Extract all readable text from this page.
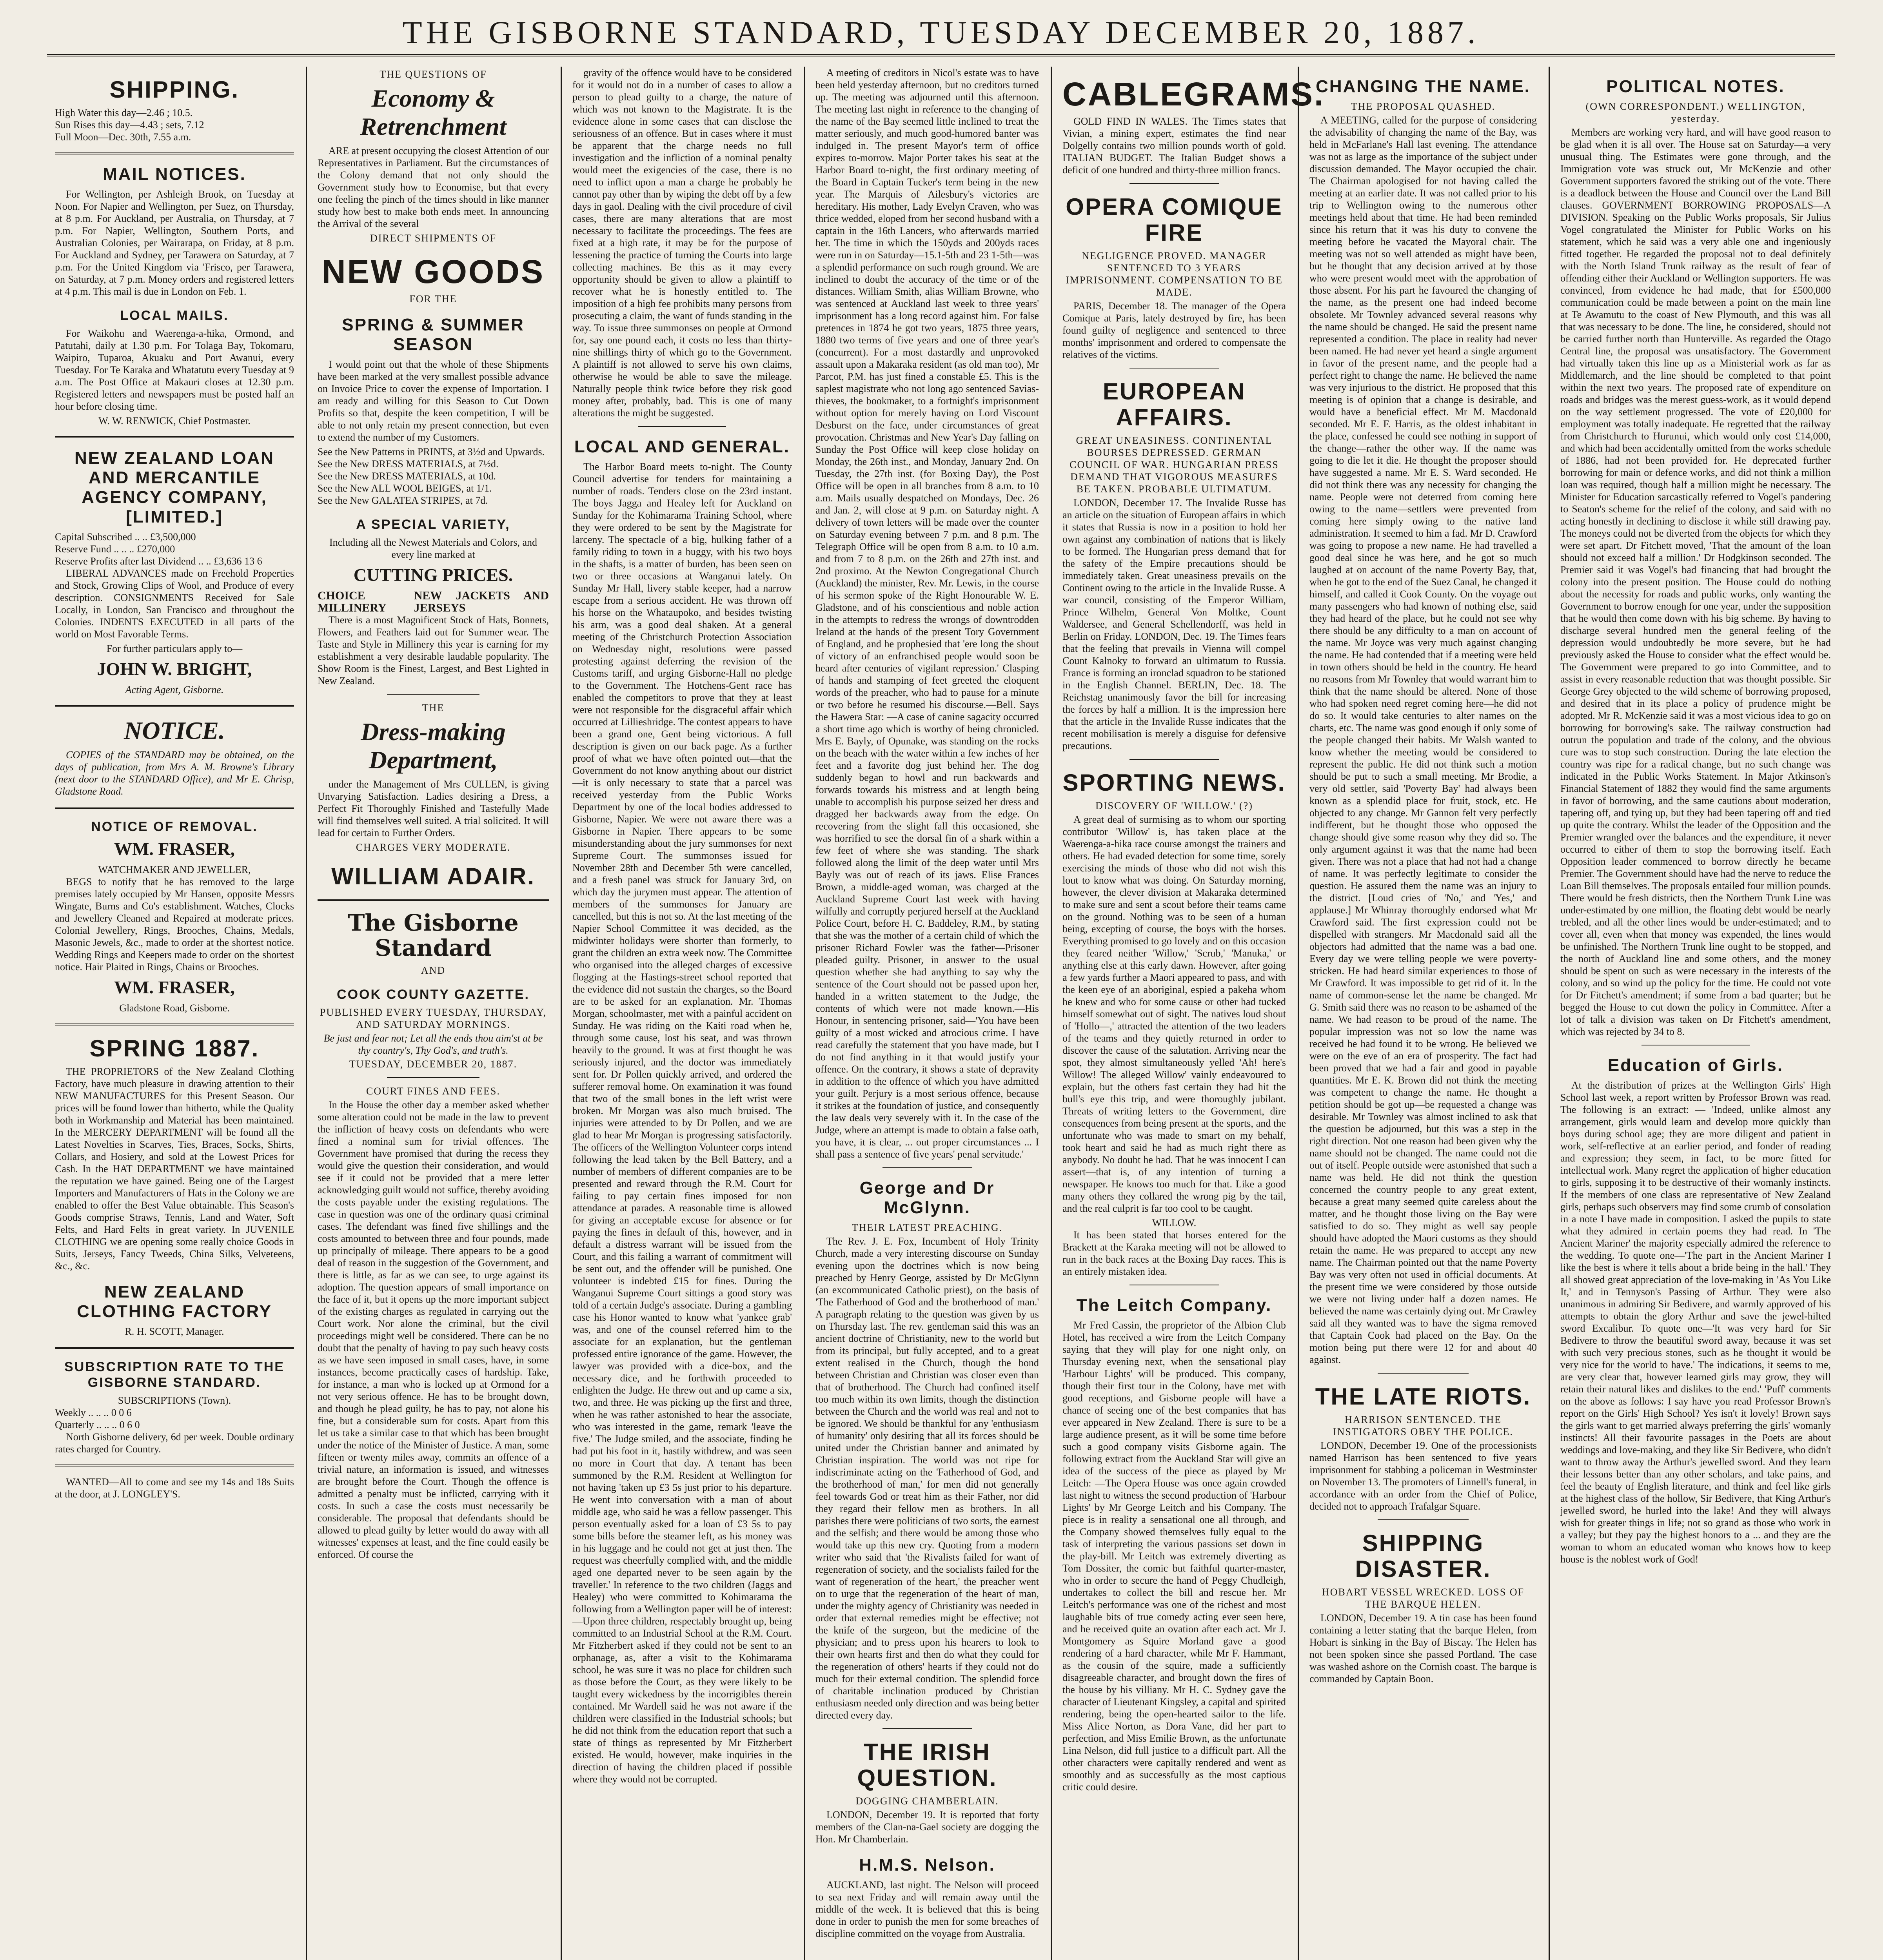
THE GISBORNE STANDARD, TUESDAY DECEMBER 20, 1887.
SHIPPING.
High Water this day—2.46 ; 10.5.
Sun Rises this day—4.43 ; sets, 7.12
Full Moon—Dec. 30th, 7.55 a.m.
MAIL NOTICES.

For Wellington, per Ashleigh Brook, on Tuesday at Noon. For Napier and Wellington, per Suez, on Thursday, at 8 p.m. For Auckland, per Australia, on Thursday, at 7 p.m. For Napier, Wellington, Southern Ports, and Australian Colonies, per Wairarapa, on Friday, at 8 p.m. For Auckland and Sydney, per Tarawera on Saturday, at 7 p.m. For the United Kingdom via 'Frisco, per Tarawera, on Saturday, at 7 p.m. Money orders and registered letters at 4 p.m. This mail is due in London on Feb. 1.

LOCAL MAILS.

For Waikohu and Waerenga-a-hika, Ormond, and Patutahi, daily at 1.30 p.m. For Tolaga Bay, Tokomaru, Waipiro, Tuparoa, Akuaku and Port Awanui, every Tuesday. For Te Karaka and Whatatutu every Tuesday at 9 a.m. The Post Office at Makauri closes at 12.30 p.m. Registered letters and newspapers must be posted half an hour before closing time.

W. W. RENWICK, Chief Postmaster.
NEW ZEALAND LOAN AND MERCANTILE AGENCY COMPANY, [LIMITED.]
Capital Subscribed .. .. £3,500,000
Reserve Fund .. .. .. £270,000
Reserve Profits after last Dividend .. .. £3,636 13 6

LIBERAL ADVANCES made on Freehold Properties and Stock, Growing Clips of Wool, and Produce of every description. CONSIGNMENTS Received for Sale Locally, in London, San Francisco and throughout the Colonies. INDENTS EXECUTED in all parts of the world on Most Favorable Terms.

For further particulars apply to—
JOHN W. BRIGHT,
Acting Agent, Gisborne.
NOTICE.

COPIES of the STANDARD may be obtained, on the days of publication, from Mrs A. M. Browne's Library (next door to the STANDARD Office), and Mr E. Chrisp, Gladstone Road.

NOTICE OF REMOVAL.
WM. FRASER,
WATCHMAKER AND JEWELLER,

BEGS to notify that he has removed to the large premises lately occupied by Mr Hansen, opposite Messrs Wingate, Burns and Co's establishment. Watches, Clocks and Jewellery Cleaned and Repaired at moderate prices. Colonial Jewellery, Rings, Brooches, Chains, Medals, Masonic Jewels, &c., made to order at the shortest notice. Wedding Rings and Keepers made to order on the shortest notice. Hair Plaited in Rings, Chains or Brooches.

WM. FRASER,
Gladstone Road, Gisborne.
SPRING 1887.

THE PROPRIETORS of the New Zealand Clothing Factory, have much pleasure in drawing attention to their NEW MANUFACTURES for this Present Season. Our prices will be found lower than hitherto, while the Quality both in Workmanship and Material has been maintained. In the MERCERY DEPARTMENT will be found all the Latest Novelties in Scarves, Ties, Braces, Socks, Shirts, Collars, and Hosiery, and sold at the Lowest Prices for Cash. In the HAT DEPARTMENT we have maintained the reputation we have gained. Being one of the Largest Importers and Manufacturers of Hats in the Colony we are enabled to offer the Best Value obtainable. This Season's Goods comprise Straws, Tennis, Land and Water, Soft Felts, and Hard Felts in great variety. In JUVENILE CLOTHING we are opening some really choice Goods in Suits, Jerseys, Fancy Tweeds, China Silks, Velveteens, &c., &c.

NEW ZEALAND CLOTHING FACTORY
R. H. SCOTT, Manager.
SUBSCRIPTION RATE TO THE GISBORNE STANDARD.
SUBSCRIPTIONS (Town).
Weekly .. .. .. 0 0 6
Quarterly .. .. .. 0 6 0

North Gisborne delivery, 6d per week. Double ordinary rates charged for Country.

WANTED—All to come and see my 14s and 18s Suits at the door, at J. LONGLEY'S.

THE QUESTIONS OF
Economy & Retrenchment

ARE at present occupying the closest Attention of our Representatives in Parliament. But the circumstances of the Colony demand that not only should the Government study how to Economise, but that every one feeling the pinch of the times should in like manner study how best to make both ends meet. In announcing the Arrival of the several

DIRECT SHIPMENTS OF
NEW GOODS
FOR THE
SPRING & SUMMER SEASON

I would point out that the whole of these Shipments have been marked at the very smallest possible advance on Invoice Price to cover the expense of Importation. I am ready and willing for this Season to Cut Down Profits so that, despite the keen competition, I will be able to not only retain my present connection, but even to extend the number of my Customers.

See the New Patterns in PRINTS, at 3½d and Upwards.
See the New DRESS MATERIALS, at 7½d.
See the New DRESS MATERIALS, at 10d.
See the New ALL WOOL BEIGES, at 1/1.
See the New GALATEA STRIPES, at 7d.
A SPECIAL VARIETY,
Including all the Newest Materials and Colors, and every line marked at
CUTTING PRICES.
CHOICE MILLINERY
NEW JACKETS AND JERSEYS

There is a most Magnificent Stock of Hats, Bonnets, Flowers, and Feathers laid out for Summer wear. The Taste and Style in Millinery this year is earning for my establishment a very desirable laudable popularity. The Show Room is the Finest, Largest, and Best Lighted in New Zealand.

THE
Dress-making Department,

under the Management of Mrs CULLEN, is giving Unvarying Satisfaction. Ladies desiring a Dress, a Perfect Fit Thoroughly Finished and Tastefully Made will find themselves well suited. A trial solicited. It will lead for certain to Further Orders.

CHARGES VERY MODERATE.
WILLIAM ADAIR.
The Gisborne Standard
AND
COOK COUNTY GAZETTE.
PUBLISHED EVERY TUESDAY, THURSDAY, AND SATURDAY MORNINGS.
Be just and fear not; Let all the ends thou aim'st at be thy country's, Thy God's, and truth's.
TUESDAY, DECEMBER 20, 1887.
COURT FINES AND FEES.

In the House the other day a member asked whether some alteration could not be made in the law to prevent the infliction of heavy costs on defendants who were fined a nominal sum for trivial offences. The Government have promised that during the recess they would give the question their consideration, and would see if it could not be provided that a mere letter acknowledging guilt would not suffice, thereby avoiding the costs payable under the existing regulations. The case in question was one of the ordinary quasi criminal cases. The defendant was fined five shillings and the costs amounted to between three and four pounds, made up principally of mileage. There appears to be a good deal of reason in the suggestion of the Government, and there is little, as far as we can see, to urge against its adoption. The question appears of small importance on the face of it, but it opens up the more important subject of the existing charges as regulated in carrying out the Court work. Nor alone the criminal, but the civil proceedings might well be considered. There can be no doubt that the penalty of having to pay such heavy costs as we have seen imposed in small cases, have, in some instances, become practically cases of hardship. Take, for instance, a man who is locked up at Ormond for a not very serious offence. He has to be brought down, and though he plead guilty, he has to pay, not alone his fine, but a considerable sum for costs. Apart from this let us take a similar case to that which has been brought under the notice of the Minister of Justice. A man, some fifteen or twenty miles away, commits an offence of a trivial nature, an information is issued, and witnesses are brought before the Court. Though the offence is admitted a penalty must be inflicted, carrying with it costs. In such a case the costs must necessarily be considerable. The proposal that defendants should be allowed to plead guilty by letter would do away with all witnesses' expenses at least, and the fine could easily be enforced. Of course the

gravity of the offence would have to be considered for it would not do in a number of cases to allow a person to plead guilty to a charge, the nature of which was not known to the Magistrate. It is the evidence alone in some cases that can disclose the seriousness of an offence. But in cases where it must be apparent that the charge needs no full investigation and the infliction of a nominal penalty would meet the exigencies of the case, there is no need to inflict upon a man a charge he probably he cannot pay other than by wiping the debt off by a few days in gaol. Dealing with the civil procedure of civil cases, there are many alterations that are most necessary to facilitate the proceedings. The fees are fixed at a high rate, it may be for the purpose of lessening the practice of turning the Courts into large collecting machines. Be this as it may every opportunity should be given to allow a plaintiff to recover what he is honestly entitled to. The imposition of a high fee prohibits many persons from prosecuting a claim, the want of funds standing in the way. To issue three summonses on people at Ormond for, say one pound each, it costs no less than thirty-nine shillings thirty of which go to the Government. A plaintiff is not allowed to serve his own claims, otherwise he would be able to save the mileage. Naturally people think twice before they risk good money after, probably, bad. This is one of many alterations the might be suggested.

LOCAL AND GENERAL.

The Harbor Board meets to-night. The County Council advertise for tenders for maintaining a number of roads. Tenders close on the 23rd instant. The boys Jagga and Healey left for Auckland on Sunday for the Kohimarama Training School, where they were ordered to be sent by the Magistrate for larceny. The spectacle of a big, hulking father of a family riding to town in a buggy, with his two boys in the shafts, is a matter of burden, has been seen on two or three occasions at Wanganui lately. On Sunday Mr Hall, livery stable keeper, had a narrow escape from a serious accident. He was thrown off his horse on the Whataupoko, and besides twisting his arm, was a good deal shaken. At a general meeting of the Christchurch Protection Association on Wednesday night, resolutions were passed protesting against deferring the revision of the Customs tariff, and urging Gisborne-Hall no pledge to the Government. The Hotchens-Gent race has enabled the competitors to prove that they at least were not responsible for the disgraceful affair which occurred at Lillieshridge. The contest appears to have been a grand one, Gent being victorious. A full description is given on our back page. As a further proof of what we have often pointed out—that the Government do not know anything about our district—it is only necessary to state that a parcel was received yesterday from the Public Works Department by one of the local bodies addressed to Gisborne, Napier. We were not aware there was a Gisborne in Napier. There appears to be some misunderstanding about the jury summonses for next Supreme Court. The summonses issued for November 28th and December 5th were cancelled, and a fresh panel was struck for January 3rd, on which day the jurymen must appear. The attention of members of the summonses for January are cancelled, but this is not so. At the last meeting of the Napier School Committee it was decided, as the midwinter holidays were shorter than formerly, to grant the children an extra week now. The Committee who organised into the alleged charges of excessive flogging at the Hastings-street school reported that the evidence did not sustain the charges, so the Board are to be asked for an explanation. Mr. Thomas Morgan, schoolmaster, met with a painful accident on Sunday. He was riding on the Kaiti road when he, through some cause, lost his seat, and was thrown heavily to the ground. It was at first thought he was seriously injured, and the doctor was immediately sent for. Dr Pollen quickly arrived, and ordered the sufferer removal home. On examination it was found that two of the small bones in the left wrist were broken. Mr Morgan was also much bruised. The injuries were attended to by Dr Pollen, and we are glad to hear Mr Morgan is progressing satisfactorily. The officers of the Wellington Volunteer corps intend following the lead taken by the Bell Battery, and a number of members of different companies are to be presented and reward through the R.M. Court for failing to pay certain fines imposed for non attendance at parades. A reasonable time is allowed for giving an acceptable excuse for absence or for paying the fines in default of this, however, and in default a distress warrant will be issued from the Court, and this failing a warrant of commitment will be sent out, and the offender will be punished. One volunteer is indebted £15 for fines. During the Wanganui Supreme Court sittings a good story was told of a certain Judge's associate. During a gambling case his Honor wanted to know what 'yankee grab' was, and one of the counsel referred him to the associate for an explanation, but the gentleman professed entire ignorance of the game. However, the lawyer was provided with a dice-box, and the necessary dice, and he forthwith proceeded to enlighten the Judge. He threw out and up came a six, two, and three. He was picking up the first and three, when he was rather astonished to hear the associate, who was interested in the game, remark 'leave the five.' The Judge smiled, and the associate, finding he had put his foot in it, hastily withdrew, and was seen no more in Court that day. A tenant has been summoned by the R.M. Resident at Wellington for not having 'taken up £3 5s just prior to his departure. He went into conversation with a man of about middle age, who said he was a fellow passenger. This person eventually asked for a loan of £3 5s to pay some bills before the steamer left, as his money was in his luggage and he could not get at just then. The request was cheerfully complied with, and the middle aged one departed never to be seen again by the traveller.' In reference to the two children (Jaggs and Healey) who were committed to Kohimarama the following from a Wellington paper will be of interest: —Upon three children, respectably brought up, being committed to an Industrial School at the R.M. Court. Mr Fitzherbert asked if they could not be sent to an orphanage, as, after a visit to the Kohimarama school, he was sure it was no place for children such as those before the Court, as they were likely to be taught every wickedness by the incorrigibles therein contained. Mr Wardell said he was not aware if the children were classified in the Industrial schools; but he did not think from the education report that such a state of things as represented by Mr Fitzherbert existed. He would, however, make inquiries in the direction of having the children placed if possible where they would not be corrupted.

A meeting of creditors in Nicol's estate was to have been held yesterday afternoon, but no creditors turned up. The meeting was adjourned until this afternoon. The meeting last night in reference to the changing of the name of the Bay seemed little inclined to treat the matter seriously, and much good-humored banter was indulged in. The present Mayor's term of office expires to-morrow. Major Porter takes his seat at the Harbor Board to-night, the first ordinary meeting of the Board in Captain Tucker's term being in the new year. The Marquis of Ailesbury's victories are hereditary. His mother, Lady Evelyn Craven, who was thrice wedded, eloped from her second husband with a captain in the 16th Lancers, who afterwards married her. The time in which the 150yds and 200yds races were run in on Saturday—15.1-5th and 23 1-5th—was a splendid performance on such rough ground. We are inclined to doubt the accuracy of the time or of the distances. William Smith, alias William Browne, who was sentenced at Auckland last week to three years' imprisonment has a long record against him. For false pretences in 1874 he got two years, 1875 three years, 1880 two terms of five years and one of three year's (concurrent). For a most dastardly and unprovoked assault upon a Makaraka resident (as old man too), Mr Parcot, P.M. has just fined a constable £5. This is the saplest magistrate who not long ago sentenced Savias-thieves, the bookmaker, to a fortnight's imprisonment without option for merely having on Lord Viscount Desburst on the face, under circumstances of great provocation. Christmas and New Year's Day falling on Sunday the Post Office will keep close holiday on Monday, the 26th inst., and Monday, January 2nd. On Tuesday, the 27th inst. (for Boxing Day), the Post Office will be open in all branches from 8 a.m. to 10 a.m. Mails usually despatched on Mondays, Dec. 26 and Jan. 2, will close at 9 p.m. on Saturday night. A delivery of town letters will be made over the counter on Saturday evening between 7 p.m. and 8 p.m. The Telegraph Office will be open from 8 a.m. to 10 a.m. and from 7 to 8 p.m. on the 26th and 27th inst. and 2nd proximo. At the Newton Congregational Church (Auckland) the minister, Rev. Mr. Lewis, in the course of his sermon spoke of the Right Honourable W. E. Gladstone, and of his conscientious and noble action in the attempts to redress the wrongs of downtrodden Ireland at the hands of the present Tory Government of England, and he prophesied that 'ere long the shout of victory of an enfranchised people would soon be heard after centuries of vigilant repression.' Clasping of hands and stamping of feet greeted the eloquent words of the preacher, who had to pause for a minute or two before he resumed his discourse.—Bell. Says the Hawera Star: —A case of canine sagacity occurred a short time ago which is worthy of being chronicled. Mrs E. Bayly, of Opunake, was standing on the rocks on the beach with the water within a few inches of her feet and a favorite dog just behind her. The dog suddenly began to howl and run backwards and forwards towards his mistress and at length being unable to accomplish his purpose seized her dress and dragged her backwards away from the edge. On recovering from the slight fall this occasioned, she was horrified to see the dorsal fin of a shark within a few feet of where she was standing. The shark followed along the limit of the deep water until Mrs Bayly was out of reach of its jaws. Elise Frances Brown, a middle-aged woman, was charged at the Auckland Supreme Court last week with having wilfully and corruptly perjured herself at the Auckland Police Court, before H. C. Baddeley, R.M., by stating that she was the mother of a certain child of which the prisoner Richard Fowler was the father—Prisoner pleaded guilty. Prisoner, in answer to the usual question whether she had anything to say why the sentence of the Court should not be passed upon her, handed in a written statement to the Judge, the contents of which were not made known.—His Honour, in sentencing prisoner, said—'You have been guilty of a most wicked and atrocious crime. I have read carefully the statement that you have made, but I do not find anything in it that would justify your offence. On the contrary, it shows a state of depravity in addition to the offence of which you have admitted your guilt. Perjury is a most serious offence, because it strikes at the foundation of justice, and consequently the law deals very severely with it. In the case of the Judge, where an attempt is made to obtain a false oath, you have, it is clear, ... out proper circumstances ... I shall pass a sentence of five years' penal servitude.'

George and Dr McGlynn.
THEIR LATEST PREACHING.

The Rev. J. E. Fox, Incumbent of Holy Trinity Church, made a very interesting discourse on Sunday evening upon the doctrines which is now being preached by Henry George, assisted by Dr McGlynn (an excommunicated Catholic priest), on the basis of 'The Fatherhood of God and the brotherhood of man.' A paragraph relating to the question was given by us on Thursday last. The rev. gentleman said this was an ancient doctrine of Christianity, new to the world but from its principal, but fully accepted, and to a great extent realised in the Church, though the bond between Christian and Christian was closer even than that of brotherhood. The Church had confined itself too much within its own limits, though the distinction between the Church and the world was real and not to be ignored. We should be thankful for any 'enthusiasm of humanity' only desiring that all its forces should be united under the Christian banner and animated by Christian inspiration. The world was not ripe for indiscriminate acting on the 'Fatherhood of God, and the brotherhood of man,' for men did not generally feel towards God or treat him as their Father, nor did they regard their fellow men as brothers. In all parishes there were politicians of two sorts, the earnest and the selfish; and there would be among those who would take up this new cry. Quoting from a modern writer who said that 'the Rivalists failed for want of regeneration of society, and the socialists failed for the want of regeneration of the heart,' the preacher went on to urge that the regeneration of the heart of man, under the mighty agency of Christianity was needed in order that external remedies might be effective; not the knife of the surgeon, but the medicine of the physician; and to press upon his hearers to look to their own hearts first and then do what they could for the regeneration of others' hearts if they could not do much for their external condition. The splendid force of charitable inclination produced by Christian enthusiasm needed only direction and was being better directed every day.

THE IRISH QUESTION.
DOGGING CHAMBERLAIN.

LONDON, December 19. It is reported that forty members of the Clan-na-Gael society are dogging the Hon. Mr Chamberlain.

H.M.S. Nelson.

AUCKLAND, last night. The Nelson will proceed to sea next Friday and will remain away until the middle of the week. It is believed that this is being done in order to punish the men for some breaches of discipline committed on the voyage from Australia.

CABLEGRAMS.

GOLD FIND IN WALES. The Times states that Vivian, a mining expert, estimates the find near Dolgelly contains two million pounds worth of gold. ITALIAN BUDGET. The Italian Budget shows a deficit of one hundred and thirty-three million francs.

OPERA COMIQUE FIRE
NEGLIGENCE PROVED. MANAGER SENTENCED TO 3 YEARS IMPRISONMENT. COMPENSATION TO BE MADE.

PARIS, December 18. The manager of the Opera Comique at Paris, lately destroyed by fire, has been found guilty of negligence and sentenced to three months' imprisonment and ordered to compensate the relatives of the victims.

EUROPEAN AFFAIRS.
GREAT UNEASINESS. CONTINENTAL BOURSES DEPRESSED. GERMAN COUNCIL OF WAR. HUNGARIAN PRESS DEMAND THAT VIGOROUS MEASURES BE TAKEN. PROBABLE ULTIMATUM.

LONDON, December 17. The Invalide Russe has an article on the situation of European affairs in which it states that Russia is now in a position to hold her own against any combination of nations that is likely to be formed. The Hungarian press demand that for the safety of the Empire precautions should be immediately taken. Great uneasiness prevails on the Continent owing to the article in the Invalide Russe. A war council, consisting of the Emperor William, Prince Wilhelm, General Von Moltke, Count Waldersee, and General Schellendorff, was held in Berlin on Friday. LONDON, Dec. 19. The Times fears that the feeling that prevails in Vienna will compel Count Kalnoky to forward an ultimatum to Russia. France is forming an ironclad squadron to be stationed in the English Channel. BERLIN, Dec. 18. The Reichstag unanimously favor the bill for increasing the forces by half a million. It is the impression here that the article in the Invalide Russe indicates that the recent mobilisation is merely a disguise for defensive precautions.

SPORTING NEWS.
DISCOVERY OF 'WILLOW.' (?)

A great deal of surmising as to whom our sporting contributor 'Willow' is, has taken place at the Waerenga-a-hika race course amongst the trainers and others. He had evaded detection for some time, sorely exercising the minds of those who did not wish this lout to know what was doing. On Saturday morning, however, the clever division at Makaraka determined to make sure and sent a scout before their teams came on the ground. Nothing was to be seen of a human being, excepting of course, the boys with the horses. Everything promised to go lovely and on this occasion they feared neither 'Willow,' 'Scrub,' 'Manuka,' or anything else at this early dawn. However, after going a few yards further a Maori appeared to pass, and with the keen eye of an aboriginal, espied a pakeha whom he knew and who for some cause or other had tucked himself somewhat out of sight. The natives loud shout of 'Hollo—,' attracted the attention of the two leaders of the teams and they quietly returned in order to discover the cause of the salutation. Arriving near the spot, they almost simultaneously yelled 'Ah! here's Willow! The alleged Willow' vainly endeavoured to explain, but the others fast certain they had hit the bull's eye this trip, and were thoroughly jubilant. Threats of writing letters to the Government, dire consequences from being present at the sports, and the unfortunate who was made to smart on my behalf, took heart and said he had as much right there as anybody. No doubt he had. That he was innocent I can assert—that is, of any intention of turning a newspaper. He knows too much for that. Like a good many others they collared the wrong pig by the tail, and the real culprit is far too cool to be caught.

WILLOW.

It has been stated that horses entered for the Brackett at the Karaka meeting will not be allowed to run in the back races at the Boxing Day races. This is an entirely mistaken idea.

The Leitch Company.

Mr Fred Cassin, the proprietor of the Albion Club Hotel, has received a wire from the Leitch Company saying that they will play for one night only, on Thursday evening next, when the sensational play 'Harbour Lights' will be produced. This company, though their first tour in the Colony, have met with good receptions, and Gisborne people will have a chance of seeing one of the best companies that has ever appeared in New Zealand. There is sure to be a large audience present, as it will be some time before such a good company visits Gisborne again. The following extract from the Auckland Star will give an idea of the success of the piece as played by Mr Leitch: —The Opera House was once again crowded last night to witness the second production of 'Harbour Lights' by Mr George Leitch and his Company. The piece is in reality a sensational one all through, and the Company showed themselves fully equal to the task of interpreting the various passions set down in the play-bill. Mr Leitch was extremely diverting as Tom Dossiter, the comic but faithful quarter-master, who in order to secure the hand of Peggy Chudleigh, undertakes to collect the bill and rescue her. Mr Leitch's performance was one of the richest and most laughable bits of true comedy acting ever seen here, and he received quite an ovation after each act. Mr J. Montgomery as Squire Morland gave a good rendering of a hard character, while Mr F. Hammant, as the cousin of the squire, made a sufficiently disagreeable character, and brought down the fires of the house by his villiany. Mr H. C. Sydney gave the character of Lieutenant Kingsley, a capital and spirited rendering, being the open-hearted sailor to the life. Miss Alice Norton, as Dora Vane, did her part to perfection, and Miss Emilie Brown, as the unfortunate Lina Nelson, did full justice to a difficult part. All the other characters were capitally rendered and went as smoothly and as successfully as the most captious critic could desire.

CHANGING THE NAME.
THE PROPOSAL QUASHED.

A MEETING, called for the purpose of considering the advisability of changing the name of the Bay, was held in McFarlane's Hall last evening. The attendance was not as large as the importance of the subject under discussion demanded. The Mayor occupied the chair. The Chairman apologised for not having called the meeting at an earlier date. It was not called prior to his trip to Wellington owing to the numerous other meetings held about that time. He had been reminded since his return that it was his duty to convene the meeting before he vacated the Mayoral chair. The meeting was not so well attended as might have been, but he thought that any decision arrived at by those who were present would meet with the approbation of those absent. For his part he favoured the changing of the name, as the present one had indeed become obsolete. Mr Townley advanced several reasons why the name should be changed. He said the present name represented a condition. The place in reality had never been named. He had never yet heard a single argument in favor of the present name, and the people had a perfect right to change the name. He believed the name was very injurious to the district. He proposed that this meeting is of opinion that a change is desirable, and would have a beneficial effect. Mr M. Macdonald seconded. Mr E. F. Harris, as the oldest inhabitant in the place, confessed he could see nothing in support of the change—rather the other way. If the name was going to die let it die. He thought the proposer should have suggested a name. Mr E. S. Ward seconded. He did not think there was any necessity for changing the name. People were not deterred from coming here owing to the name—settlers were prevented from coming here simply owing to the native land administration. It seemed to him a fad. Mr D. Crawford was going to propose a new name. He had travelled a good deal since he was here, and he got so much laughed at on account of the name Poverty Bay, that, when he got to the end of the Suez Canal, he changed it himself, and called it Cook County. On the voyage out many passengers who had known of nothing else, said they had heard of the place, but he could not see why there should be any difficulty to a man on account of the name. Mr Joyce was very much against changing the name. He had contended that if a meeting were held in town others should be held in the country. He heard no reasons from Mr Townley that would warrant him to think that the name should be altered. None of those who had spoken need regret coming here—he did not do so. It would take centuries to alter names on the charts, etc. The name was good enough if only some of the people changed their habits. Mr Walsh wanted to know whether the meeting would be considered to represent the public. He did not think such a motion should be put to such a small meeting. Mr Brodie, a very old settler, said 'Poverty Bay' had always been known as a splendid place for fruit, stock, etc. He objected to any change. Mr Gannon felt very perfectly indifferent, but he thought those who opposed the change should give some reason why they did so. The only argument against it was that the name had been given. There was not a place that had not had a change of name. It was perfectly legitimate to consider the question. He assured them the name was an injury to the district. [Loud cries of 'No,' and 'Yes,' and applause.] Mr Whinray thoroughly endorsed what Mr Crawford said. The first expression could not be dispelled with strangers. Mr Macdonald said all the objectors had admitted that the name was a bad one. Every day we were telling people we were poverty-stricken. He had heard similar experiences to those of Mr Crawford. It was impossible to get rid of it. In the name of common-sense let the name be changed. Mr G. Smith said there was no reason to be ashamed of the name. We had reason to be proud of the name. The popular impression was not so low the name was received he had found it to be wrong. He believed we were on the eve of an era of prosperity. The fact had been proved that we had a fair and good in payable quantities. Mr E. K. Brown did not think the meeting was competent to change the name. He thought a petition should be got up—be requested a change was desirable. Mr Townley was almost inclined to ask that the question be adjourned, but this was a step in the right direction. Not one reason had been given why the name should not be changed. The name could not die out of itself. People outside were astonished that such a name was held. He did not think the question concerned the country people to any great extent, because a great many seemed quite careless about the matter, and he thought those living on the Bay were satisfied to do so. They might as well say people should have adopted the Maori customs as they should retain the name. He was prepared to accept any new name. The Chairman pointed out that the name Poverty Bay was very often not used in official documents. At the present time we were considered by those outside we were not living under half a dozen names. He believed the name was certainly dying out. Mr Crawley said all they wanted was to have the sigma removed that Captain Cook had placed on the Bay. On the motion being put there were 12 for and about 40 against.

THE LATE RIOTS.
HARRISON SENTENCED. THE INSTIGATORS OBEY THE POLICE.

LONDON, December 19. One of the processionists named Harrison has been sentenced to five years imprisonment for stabbing a policeman in Westminster on November 13. The promoters of Linnell's funeral, in accordance with an order from the Chief of Police, decided not to approach Trafalgar Square.

SHIPPING DISASTER.
HOBART VESSEL WRECKED. LOSS OF THE BARQUE HELEN.

LONDON, December 19. A tin case has been found containing a letter stating that the barque Helen, from Hobart is sinking in the Bay of Biscay. The Helen has not been spoken since she passed Portland. The case was washed ashore on the Cornish coast. The barque is commanded by Captain Boon.

POLITICAL NOTES.
(OWN CORRESPONDENT.) WELLINGTON, yesterday.

Members are working very hard, and will have good reason to be glad when it is all over. The House sat on Saturday—a very unusual thing. The Estimates were gone through, and the Immigration vote was struck out, Mr McKenzie and other Government supporters favored the striking out of the vote. There is a deadlock between the House and Council over the Land Bill clauses. GOVERNMENT BORROWING PROPOSALS—A DIVISION. Speaking on the Public Works proposals, Sir Julius Vogel congratulated the Minister for Public Works on his statement, which he said was a very able one and ingeniously fitted together. He regarded the proposal not to deal definitely with the North Island Trunk railway as the result of fear of offending either their Auckland or Wellington supporters. He was convinced, from evidence he had made, that for £500,000 communication could be made between a point on the main line at Te Awamutu to the coast of New Plymouth, and this was all that was necessary to be done. The line, he considered, should not be carried further north than Hunterville. As regarded the Otago Central line, the proposal was unsatisfactory. The Government had virtually taken this line up as a Ministerial work as far as Middlemarch, and the line should be completed to that point within the next two years. The proposed rate of expenditure on roads and bridges was the merest guess-work, as it would depend on the way settlement progressed. The vote of £20,000 for employment was totally inadequate. He regretted that the railway from Christchurch to Hurunui, which would only cost £14,000, and which had been accidentally omitted from the works schedule of 1886, had not been provided for. He deprecated further borrowing for main or defence works, and did not think a million loan was required, though half a million might be necessary. The Minister for Education sarcastically referred to Vogel's pandering to Seaton's scheme for the relief of the colony, and said with no acting honestly in declining to disclose it while still drawing pay. The moneys could not be diverted from the objects for which they were set apart. Dr Fitchett moved, 'That the amount of the loan should not exceed half a million.' Dr Hodgkinson seconded. The Premier said it was Vogel's bad financing that had brought the colony into the present position. The House could do nothing about the necessity for roads and public works, only wanting the Government to borrow enough for one year, under the supposition that he would then come down with his big scheme. By having to discharge several hundred men the general feeling of the depression would undoubtedly be more severe, but he had previously asked the House to consider what the effect would be. The Government were prepared to go into Committee, and to assist in every reasonable reduction that was thought possible. Sir George Grey objected to the wild scheme of borrowing proposed, and desired that in its place a policy of prudence might be adopted. Mr R. McKenzie said it was a most vicious idea to go on borrowing for borrowing's sake. The railway construction had outrun the population and trade of the colony, and the obvious cure was to stop such construction. During the late election the country was ripe for a radical change, but no such change was indicated in the Public Works Statement. In Major Atkinson's Financial Statement of 1882 they would find the same arguments in favor of borrowing, and the same cautions about moderation, tapering off, and tying up, but they had been tapering off and tied up quite the contrary. Whilst the leader of the Opposition and the Premier wrangled over the balances and the expenditure, it never occurred to either of them to stop the borrowing itself. Each Opposition leader commenced to borrow directly he became Premier. The Government should have had the nerve to reduce the Loan Bill themselves. The proposals entailed four million pounds. There would be fresh districts, then the Northern Trunk Line was under-estimated by one million, the floating debt would be nearly trebled, and all the other lines would be under-estimated; and to cover all, even when that money was expended, the lines would be unfinished. The Northern Trunk line ought to be stopped, and the north of Auckland line and some others, and the money should be spent on such as were necessary in the interests of the colony, and so wind up the policy for the time. He could not vote for Dr Fitchett's amendment; if some from a bad quarter; but he begged the House to cut down the policy in Committee. After a lot of talk a division was taken on Dr Fitchett's amendment, which was rejected by 34 to 8.

Education of Girls.

At the distribution of prizes at the Wellington Girls' High School last week, a report written by Professor Brown was read. The following is an extract: — 'Indeed, unlike almost any arrangement, girls would learn and develop more quickly than boys during school age; they are more diligent and patient in work, self-reflective at an earlier period, and fonder of reading and expression; they seem, in fact, to be more fitted for intellectual work. Many regret the application of higher education to girls, supposing it to be destructive of their womanly instincts. If the members of one class are representative of New Zealand girls, perhaps such observers may find some crumb of consolation in a note I have made in composition. I asked the pupils to state what they admired in certain poems they had read. In 'The Ancient Mariner' the majority especially admired the reference to the wedding. To quote one—'The part in the Ancient Mariner I like the best is where it tells about a bride being in the hall.' They all showed great appreciation of the love-making in 'As You Like It,' and in Tennyson's Passing of Arthur. They were also unanimous in admiring Sir Bedivere, and warmly approved of his attempts to obtain the glory Arthur and save the jewel-hilted sword Excalibur. To quote one—'It was very hard for Sir Bedivere to throw the beautiful sword away, because it was set with such very precious stones, such as he thought it would be very nice for the world to have.' The indications, it seems to me, are very clear that, however learned girls may grow, they will retain their natural likes and dislikes to the end.' 'Puff' comments on the above as follows: I say have you read Professor Brown's report on the Girls' High School? Yes isn't it lovely! Brown says the girls want to get married always preferring the girls' womanly instincts! All their favourite passages in the Poets are about weddings and love-making, and they like Sir Bedivere, who didn't want to throw away the Arthur's jewelled sword. And they learn their lessons better than any other scholars, and take pains, and feel the beauty of English literature, and think and feel like girls at the highest class of the hollow, Sir Bedivere, that King Arthur's jewelled sword, he hurled into the lake! And they will always wish for greater things in life; not so grand as those who work in a valley; but they pay the highest honors to a ... and they are the woman to whom an educated woman who knows how to keep house is the noblest work of God!
